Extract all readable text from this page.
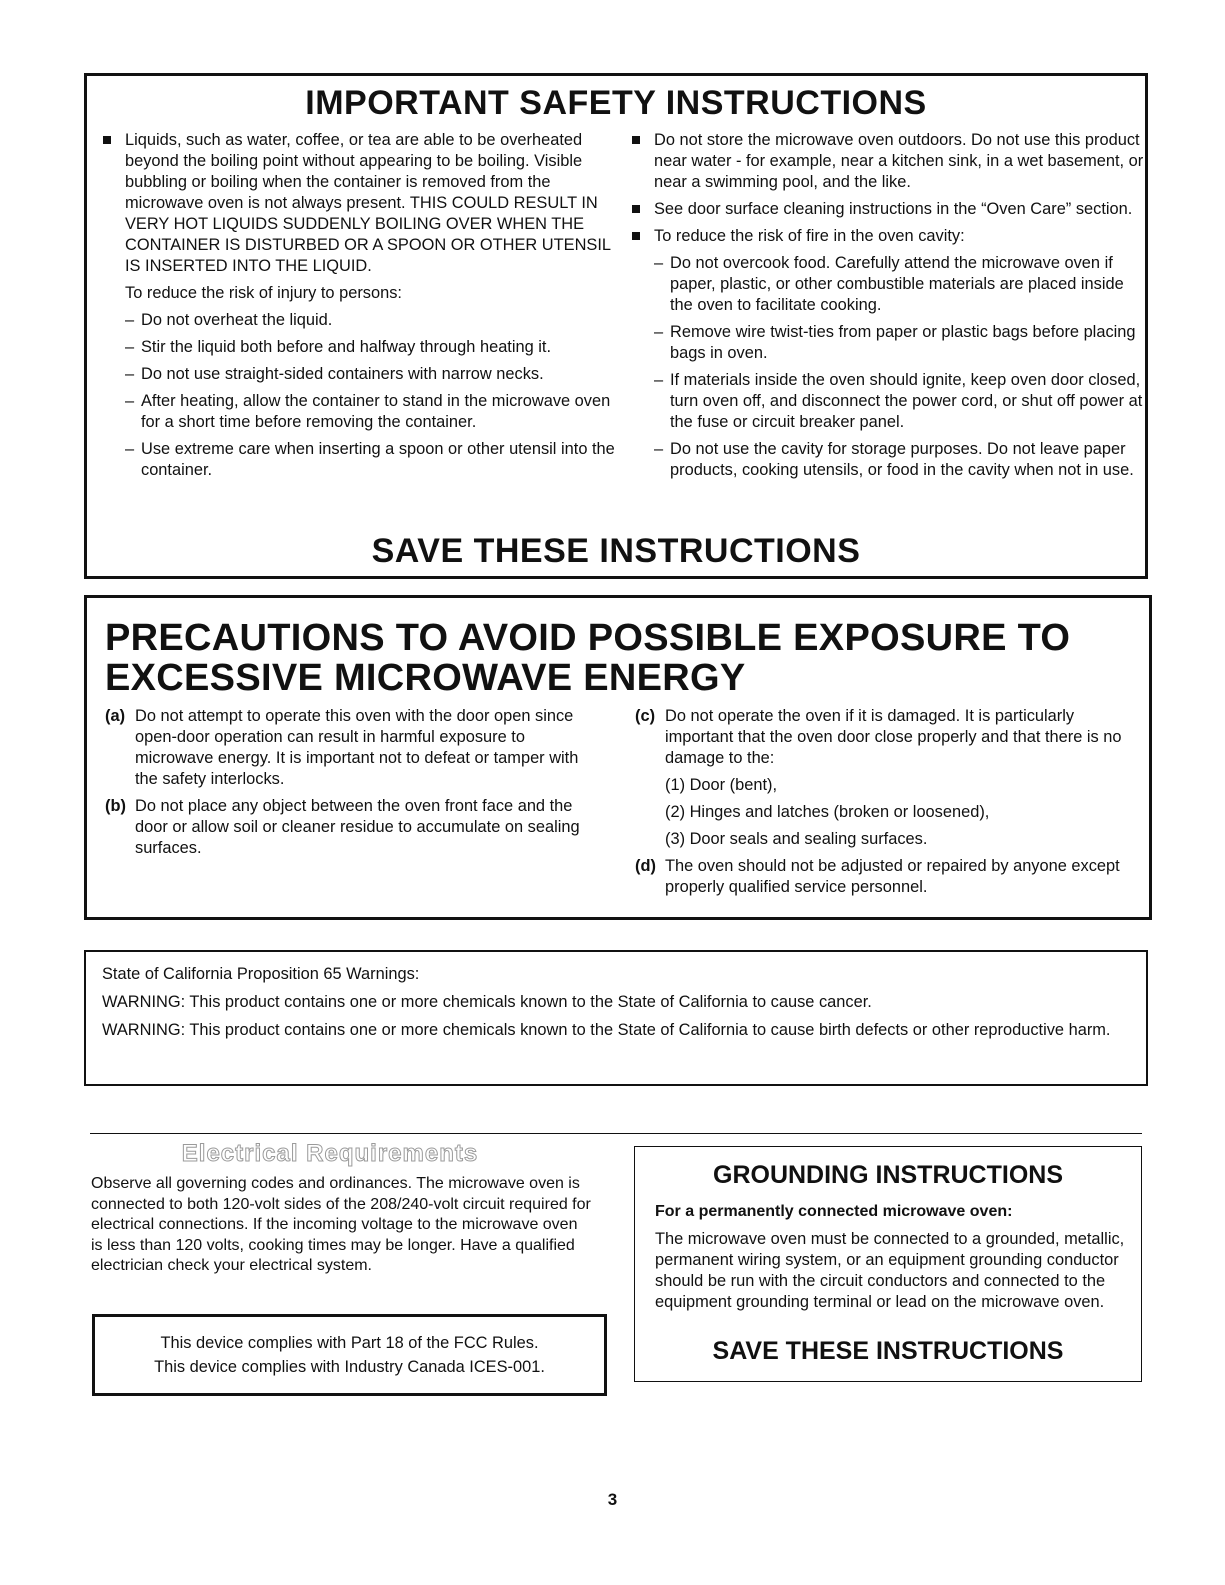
IMPORTANT SAFETY INSTRUCTIONS

Liquids, such as water, coffee, or tea are able to be overheated beyond the boiling point without appearing to be boiling. Visible bubbling or boiling when the container is removed from the microwave oven is not always present. THIS COULD RESULT IN VERY HOT LIQUIDS SUDDENLY BOILING OVER WHEN THE CONTAINER IS DISTURBED OR A SPOON OR OTHER UTENSIL IS INSERTED INTO THE LIQUID.

To reduce the risk of injury to persons:

– Do not overheat the liquid.

– Stir the liquid both before and halfway through heating it.

– Do not use straight-sided containers with narrow necks.

– After heating, allow the container to stand in the microwave oven for a short time before removing the container.

– Use extreme care when inserting a spoon or other utensil into the container.

Do not store the microwave oven outdoors. Do not use this product near water - for example, near a kitchen sink, in a wet basement, or near a swimming pool, and the like.

See door surface cleaning instructions in the “Oven Care” section.

To reduce the risk of fire in the oven cavity:

– Do not overcook food. Carefully attend the microwave oven if paper, plastic, or other combustible materials are placed inside the oven to facilitate cooking.

– Remove wire twist-ties from paper or plastic bags before placing bags in oven.

– If materials inside the oven should ignite, keep oven door closed, turn oven off, and disconnect the power cord, or shut off power at the fuse or circuit breaker panel.

– Do not use the cavity for storage purposes. Do not leave paper products, cooking utensils, or food in the cavity when not in use.

SAVE THESE INSTRUCTIONS
PRECAUTIONS TO AVOID POSSIBLE EXPOSURE TO EXCESSIVE MICROWAVE ENERGY

(a) Do not attempt to operate this oven with the door open since open-door operation can result in harmful exposure to microwave energy. It is important not to defeat or tamper with the safety interlocks.

(b) Do not place any object between the oven front face and the door or allow soil or cleaner residue to accumulate on sealing surfaces.

(c) Do not operate the oven if it is damaged. It is particularly important that the oven door close properly and that there is no damage to the:

(1) Door (bent),

(2) Hinges and latches (broken or loosened),

(3) Door seals and sealing surfaces.

(d) The oven should not be adjusted or repaired by anyone except properly qualified service personnel.

State of California Proposition 65 Warnings:

WARNING: This product contains one or more chemicals known to the State of California to cause cancer.

WARNING: This product contains one or more chemicals known to the State of California to cause birth defects or other reproductive harm.

Electrical Requirements

Observe all governing codes and ordinances. The microwave oven is connected to both 120-volt sides of the 208/240-volt circuit required for electrical connections. If the incoming voltage to the microwave oven is less than 120 volts, cooking times may be longer. Have a qualified electrician check your electrical system.

This device complies with Part 18 of the FCC Rules.

This device complies with Industry Canada ICES-001.

GROUNDING INSTRUCTIONS

For a permanently connected microwave oven:

The microwave oven must be connected to a grounded, metallic, permanent wiring system, or an equipment grounding conductor should be run with the circuit conductors and connected to the equipment grounding terminal or lead on the microwave oven.

SAVE THESE INSTRUCTIONS

3
